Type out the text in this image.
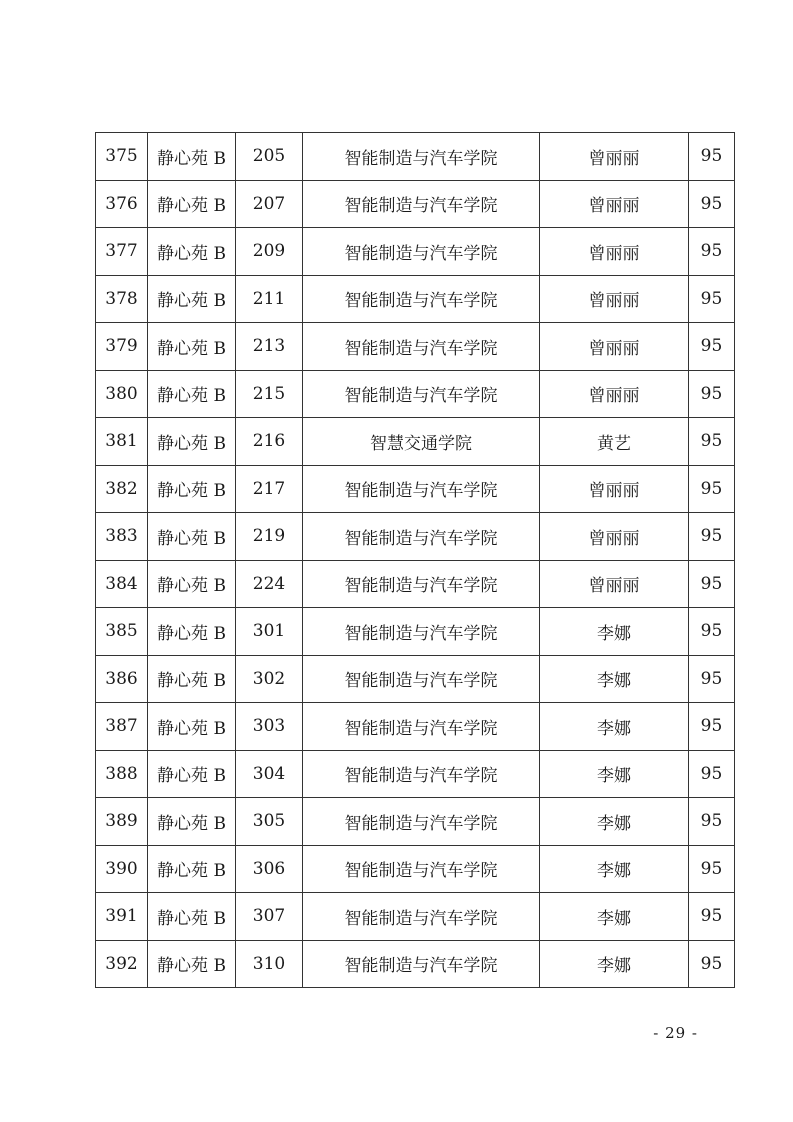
375	静心苑 B	205	智能制造与汽车学院	曾丽丽	95
376	静心苑 B	207	智能制造与汽车学院	曾丽丽	95
377	静心苑 B	209	智能制造与汽车学院	曾丽丽	95
378	静心苑 B	211	智能制造与汽车学院	曾丽丽	95
379	静心苑 B	213	智能制造与汽车学院	曾丽丽	95
380	静心苑 B	215	智能制造与汽车学院	曾丽丽	95
381	静心苑 B	216	智慧交通学院	黄艺	95
382	静心苑 B	217	智能制造与汽车学院	曾丽丽	95
383	静心苑 B	219	智能制造与汽车学院	曾丽丽	95
384	静心苑 B	224	智能制造与汽车学院	曾丽丽	95
385	静心苑 B	301	智能制造与汽车学院	李娜	95
386	静心苑 B	302	智能制造与汽车学院	李娜	95
387	静心苑 B	303	智能制造与汽车学院	李娜	95
388	静心苑 B	304	智能制造与汽车学院	李娜	95
389	静心苑 B	305	智能制造与汽车学院	李娜	95
390	静心苑 B	306	智能制造与汽车学院	李娜	95
391	静心苑 B	307	智能制造与汽车学院	李娜	95
392	静心苑 B	310	智能制造与汽车学院	李娜	95
- 29 -
